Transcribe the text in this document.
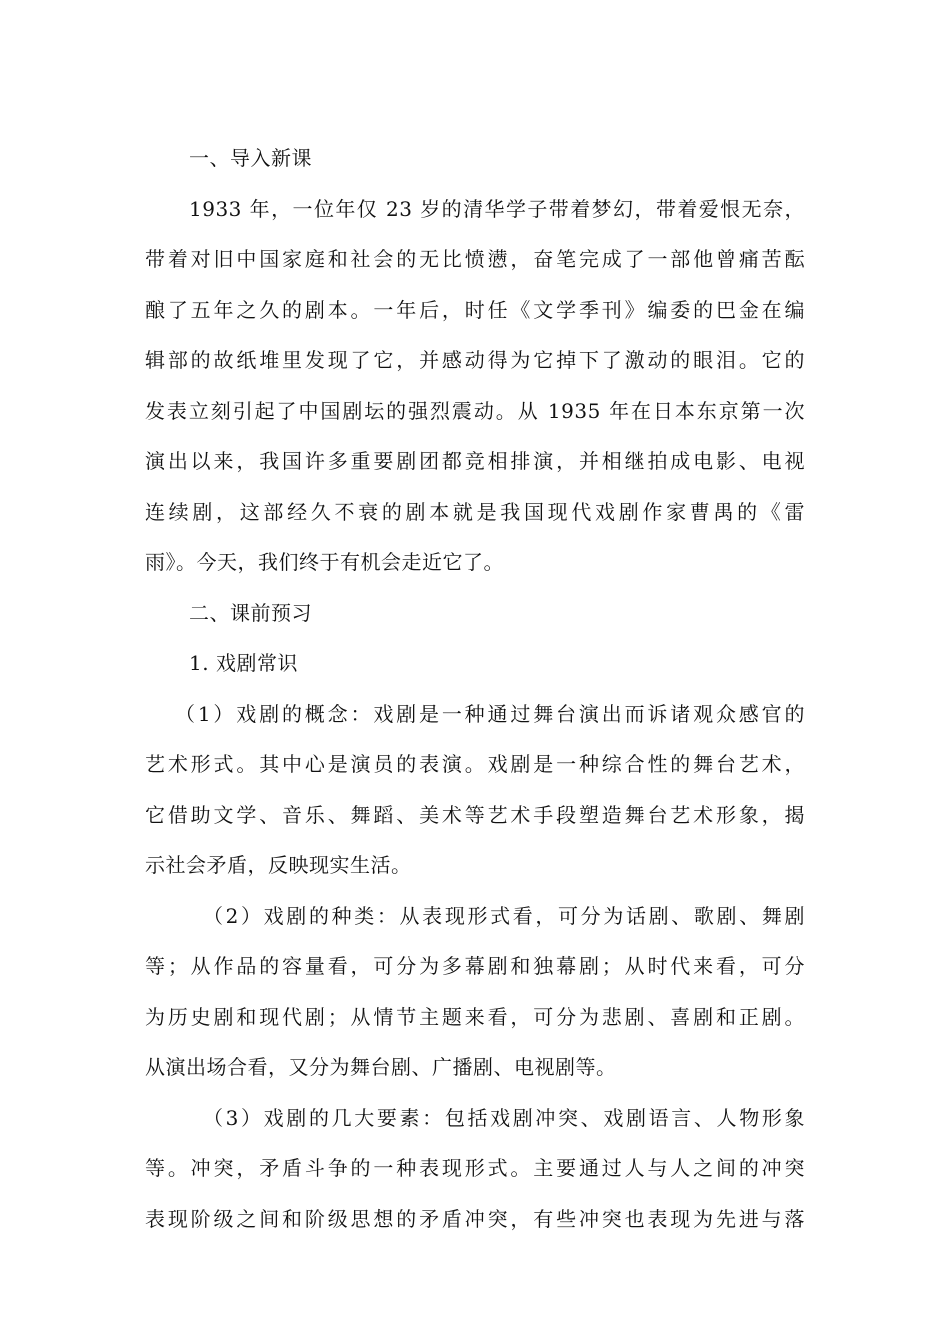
一、导入新课
1933 年，一位年仅 23 岁的清华学子带着梦幻，带着爱恨无奈，
带着对旧中国家庭和社会的无比愤懑，奋笔完成了一部他曾痛苦酝
酿了五年之久的剧本。一年后，时任《文学季刊》编委的巴金在编
辑部的故纸堆里发现了它，并感动得为它掉下了激动的眼泪。它的
发表立刻引起了中国剧坛的强烈震动。从 1935 年在日本东京第一次
演出以来，我国许多重要剧团都竞相排演，并相继拍成电影、电视
连续剧，这部经久不衰的剧本就是我国现代戏剧作家曹禺的《雷
雨》。今天，我们终于有机会走近它了。
二、课前预习
1. 戏剧常识
（1）戏剧的概念：戏剧是一种通过舞台演出而诉诸观众感官的
艺术形式。其中心是演员的表演。戏剧是一种综合性的舞台艺术，
它借助文学、音乐、舞蹈、美术等艺术手段塑造舞台艺术形象，揭
示社会矛盾，反映现实生活。
（2）戏剧的种类：从表现形式看，可分为话剧、歌剧、舞剧
等；从作品的容量看，可分为多幕剧和独幕剧；从时代来看，可分
为历史剧和现代剧；从情节主题来看，可分为悲剧、喜剧和正剧。
从演出场合看，又分为舞台剧、广播剧、电视剧等。
（3）戏剧的几大要素：包括戏剧冲突、戏剧语言、人物形象
等。冲突，矛盾斗争的一种表现形式。主要通过人与人之间的冲突
表现阶级之间和阶级思想的矛盾冲突，有些冲突也表现为先进与落
